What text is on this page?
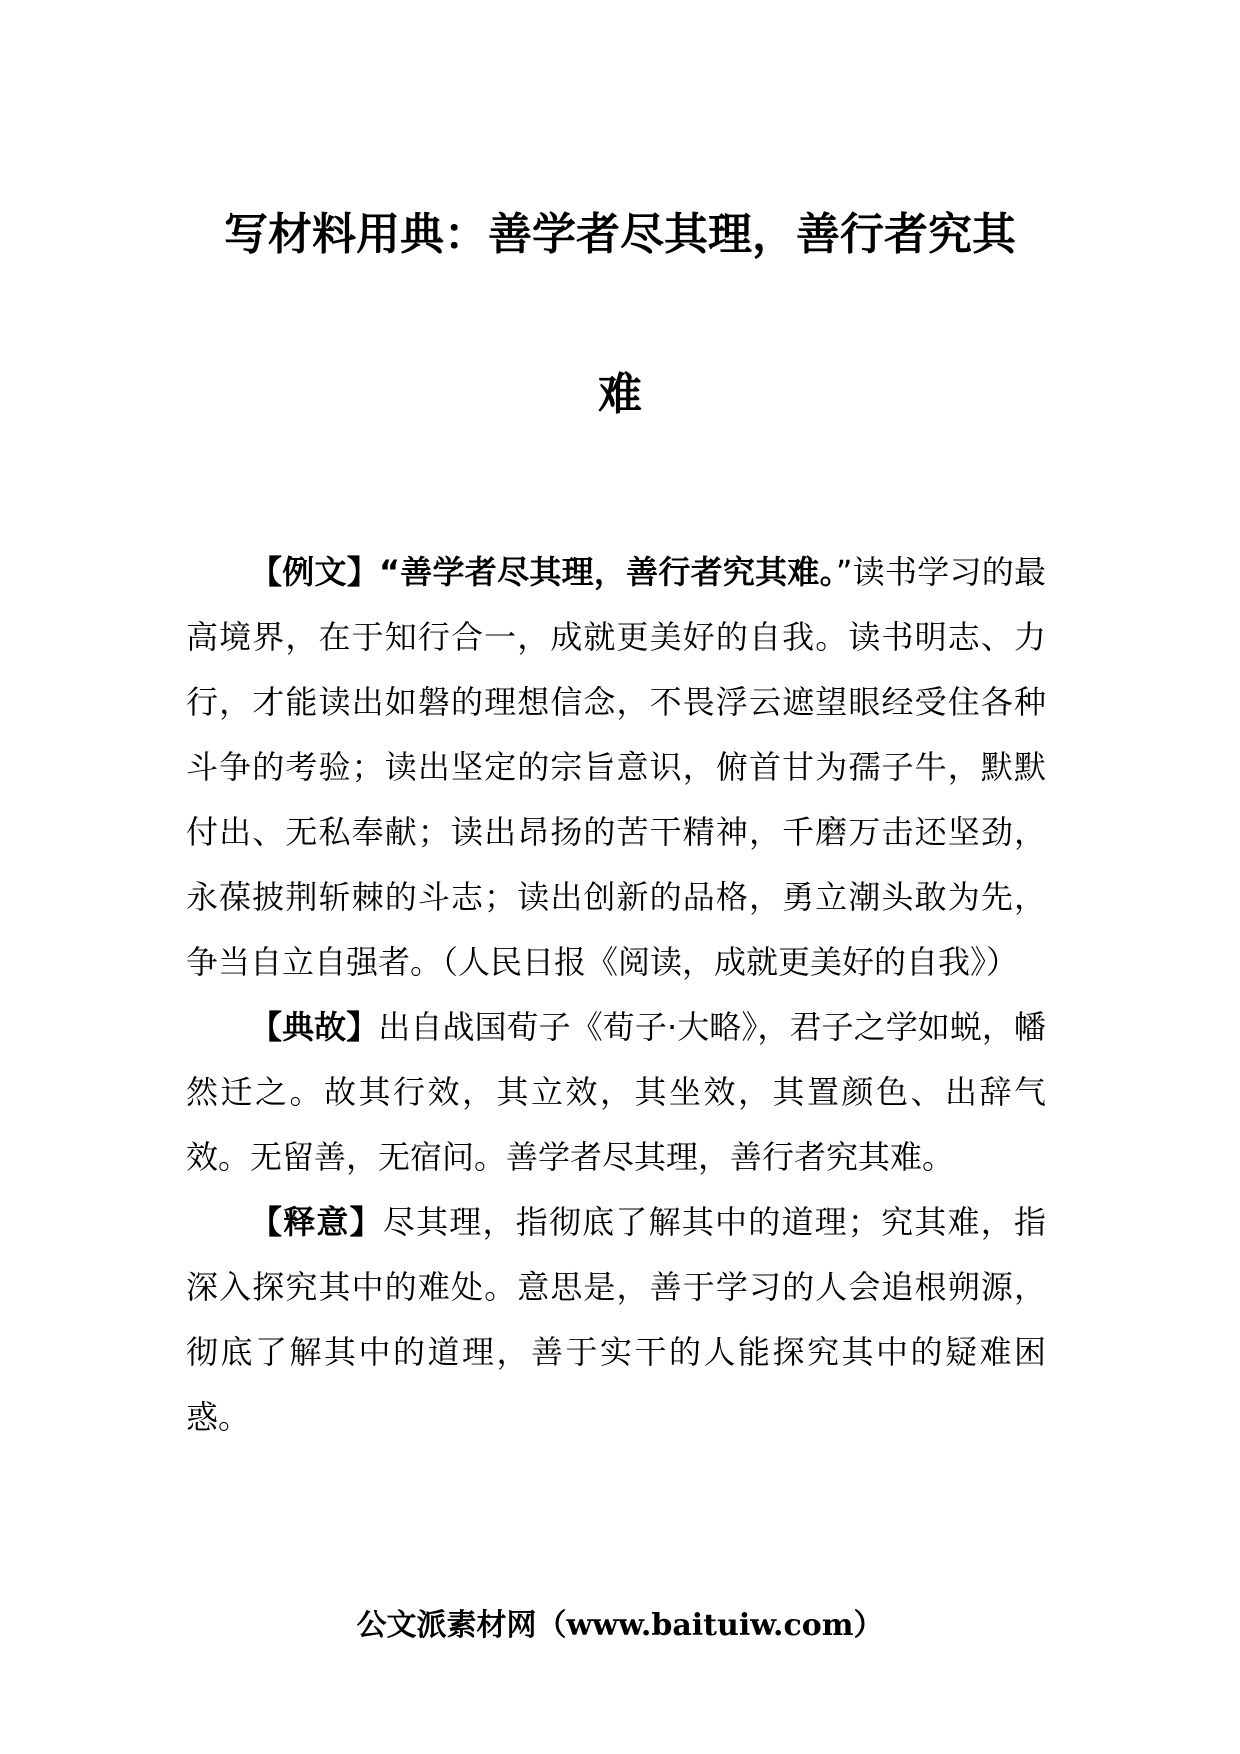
写材料用典：善学者尽其理，善行者究其
难

【例文】“善学者尽其理，善行者究其难。”读书学习的最高境界，在于知行合一，成就更美好的自我。读书明志、力行，才能读出如磐的理想信念，不畏浮云遮望眼经受住各种斗争的考验；读出坚定的宗旨意识，俯首甘为孺子牛，默默付出、无私奉献；读出昂扬的苦干精神，千磨万击还坚劲，永葆披荆斩棘的斗志；读出创新的品格，勇立潮头敢为先，争当自立自强者。（人民日报《阅读，成就更美好的自我》）

【典故】出自战国荀子《荀子·大略》，君子之学如蜕，幡然迁之。故其行效，其立效，其坐效，其置颜色、出辞气效。无留善，无宿问。善学者尽其理，善行者究其难。

【释意】尽其理，指彻底了解其中的道理；究其难，指深入探究其中的难处。意思是，善于学习的人会追根朔源，彻底了解其中的道理，善于实干的人能探究其中的疑难困惑。

公文派素材网（www.baituiw.com）
